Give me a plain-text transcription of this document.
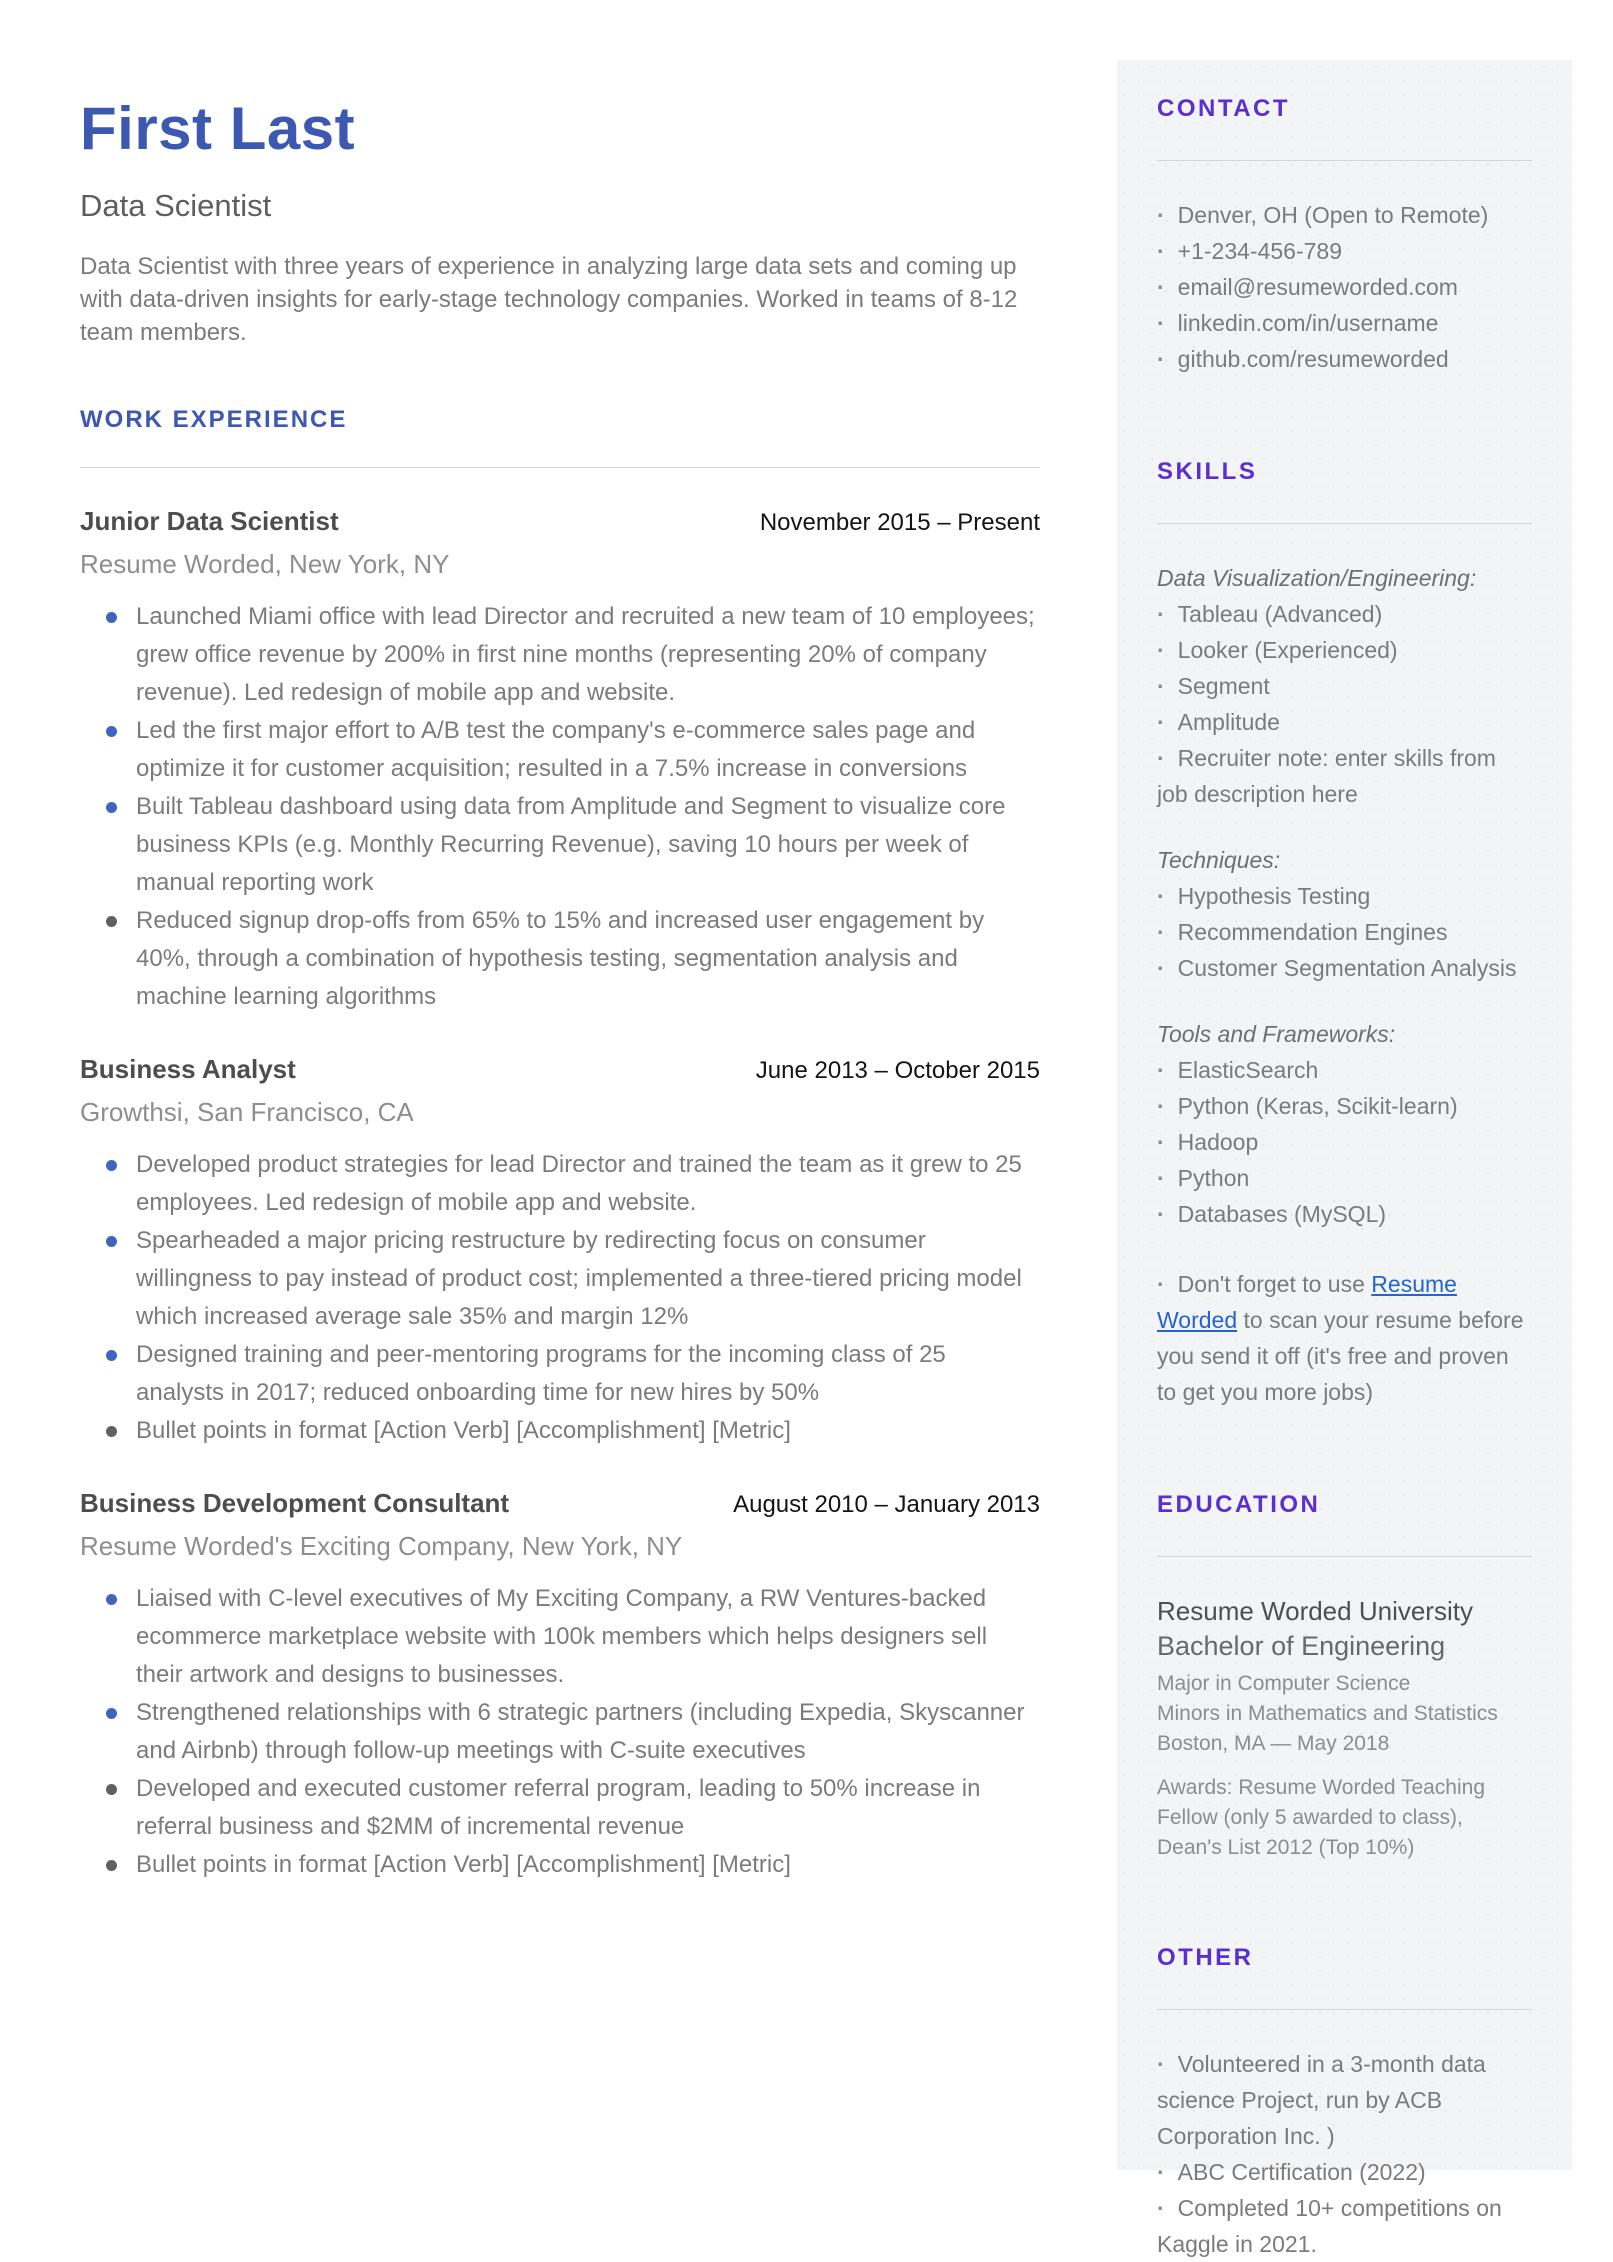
First Last
Data Scientist

Data Scientist with three years of experience in analyzing large data sets and coming up with data-driven insights for early-stage technology companies. Worked in teams of 8-12 team members.

WORK EXPERIENCE
Junior Data Scientist	November 2015 – Present
Resume Worded, New York, NY
Launched Miami office with lead Director and recruited a new team of 10 employees; grew office revenue by 200% in first nine months (representing 20% of company revenue). Led redesign of mobile app and website.
Led the first major effort to A/B test the company's e-commerce sales page and optimize it for customer acquisition; resulted in a 7.5% increase in conversions
Built Tableau dashboard using data from Amplitude and Segment to visualize core business KPIs (e.g. Monthly Recurring Revenue), saving 10 hours per week of manual reporting work
Reduced signup drop-offs from 65% to 15% and increased user engagement by 40%, through a combination of hypothesis testing, segmentation analysis and machine learning algorithms
Business Analyst	June 2013 – October 2015
Growthsi, San Francisco, CA
Developed product strategies for lead Director and trained the team as it grew to 25 employees. Led redesign of mobile app and website.
Spearheaded a major pricing restructure by redirecting focus on consumer willingness to pay instead of product cost; implemented a three-tiered pricing model which increased average sale 35% and margin 12%
Designed training and peer-mentoring programs for the incoming class of 25 analysts in 2017; reduced onboarding time for new hires by 50%
Bullet points in format [Action Verb] [Accomplishment] [Metric]
Business Development Consultant	August 2010 – January 2013
Resume Worded's Exciting Company, New York, NY
Liaised with C-level executives of My Exciting Company, a RW Ventures-backed ecommerce marketplace website with 100k members which helps designers sell their artwork and designs to businesses.
Strengthened relationships with 6 strategic partners (including Expedia, Skyscanner and Airbnb) through follow-up meetings with C-suite executives
Developed and executed customer referral program, leading to 50% increase in referral business and $2MM of incremental revenue
Bullet points in format [Action Verb] [Accomplishment] [Metric]
CONTACT
· Denver, OH (Open to Remote)
· +1-234-456-789
· email@resumeworded.com
· linkedin.com/in/username
· github.com/resumeworded
SKILLS
Data Visualization/Engineering:
· Tableau (Advanced)
· Looker (Experienced)
· Segment
· Amplitude
· Recruiter note: enter skills from job description here
Techniques:
· Hypothesis Testing
· Recommendation Engines
· Customer Segmentation Analysis
Tools and Frameworks:
· ElasticSearch
· Python (Keras, Scikit-learn)
· Hadoop
· Python
· Databases (MySQL)
· Don't forget to use Resume Worded to scan your resume before you send it off (it's free and proven to get you more jobs)
EDUCATION
Resume Worded University
Bachelor of Engineering
Major in Computer Science
Minors in Mathematics and Statistics
Boston, MA — May 2018
Awards: Resume Worded Teaching Fellow (only 5 awarded to class), Dean's List 2012 (Top 10%)
OTHER
· Volunteered in a 3-month data science Project, run by ACB Corporation Inc. )
· ABC Certification (2022)
· Completed 10+ competitions on Kaggle in 2021.
